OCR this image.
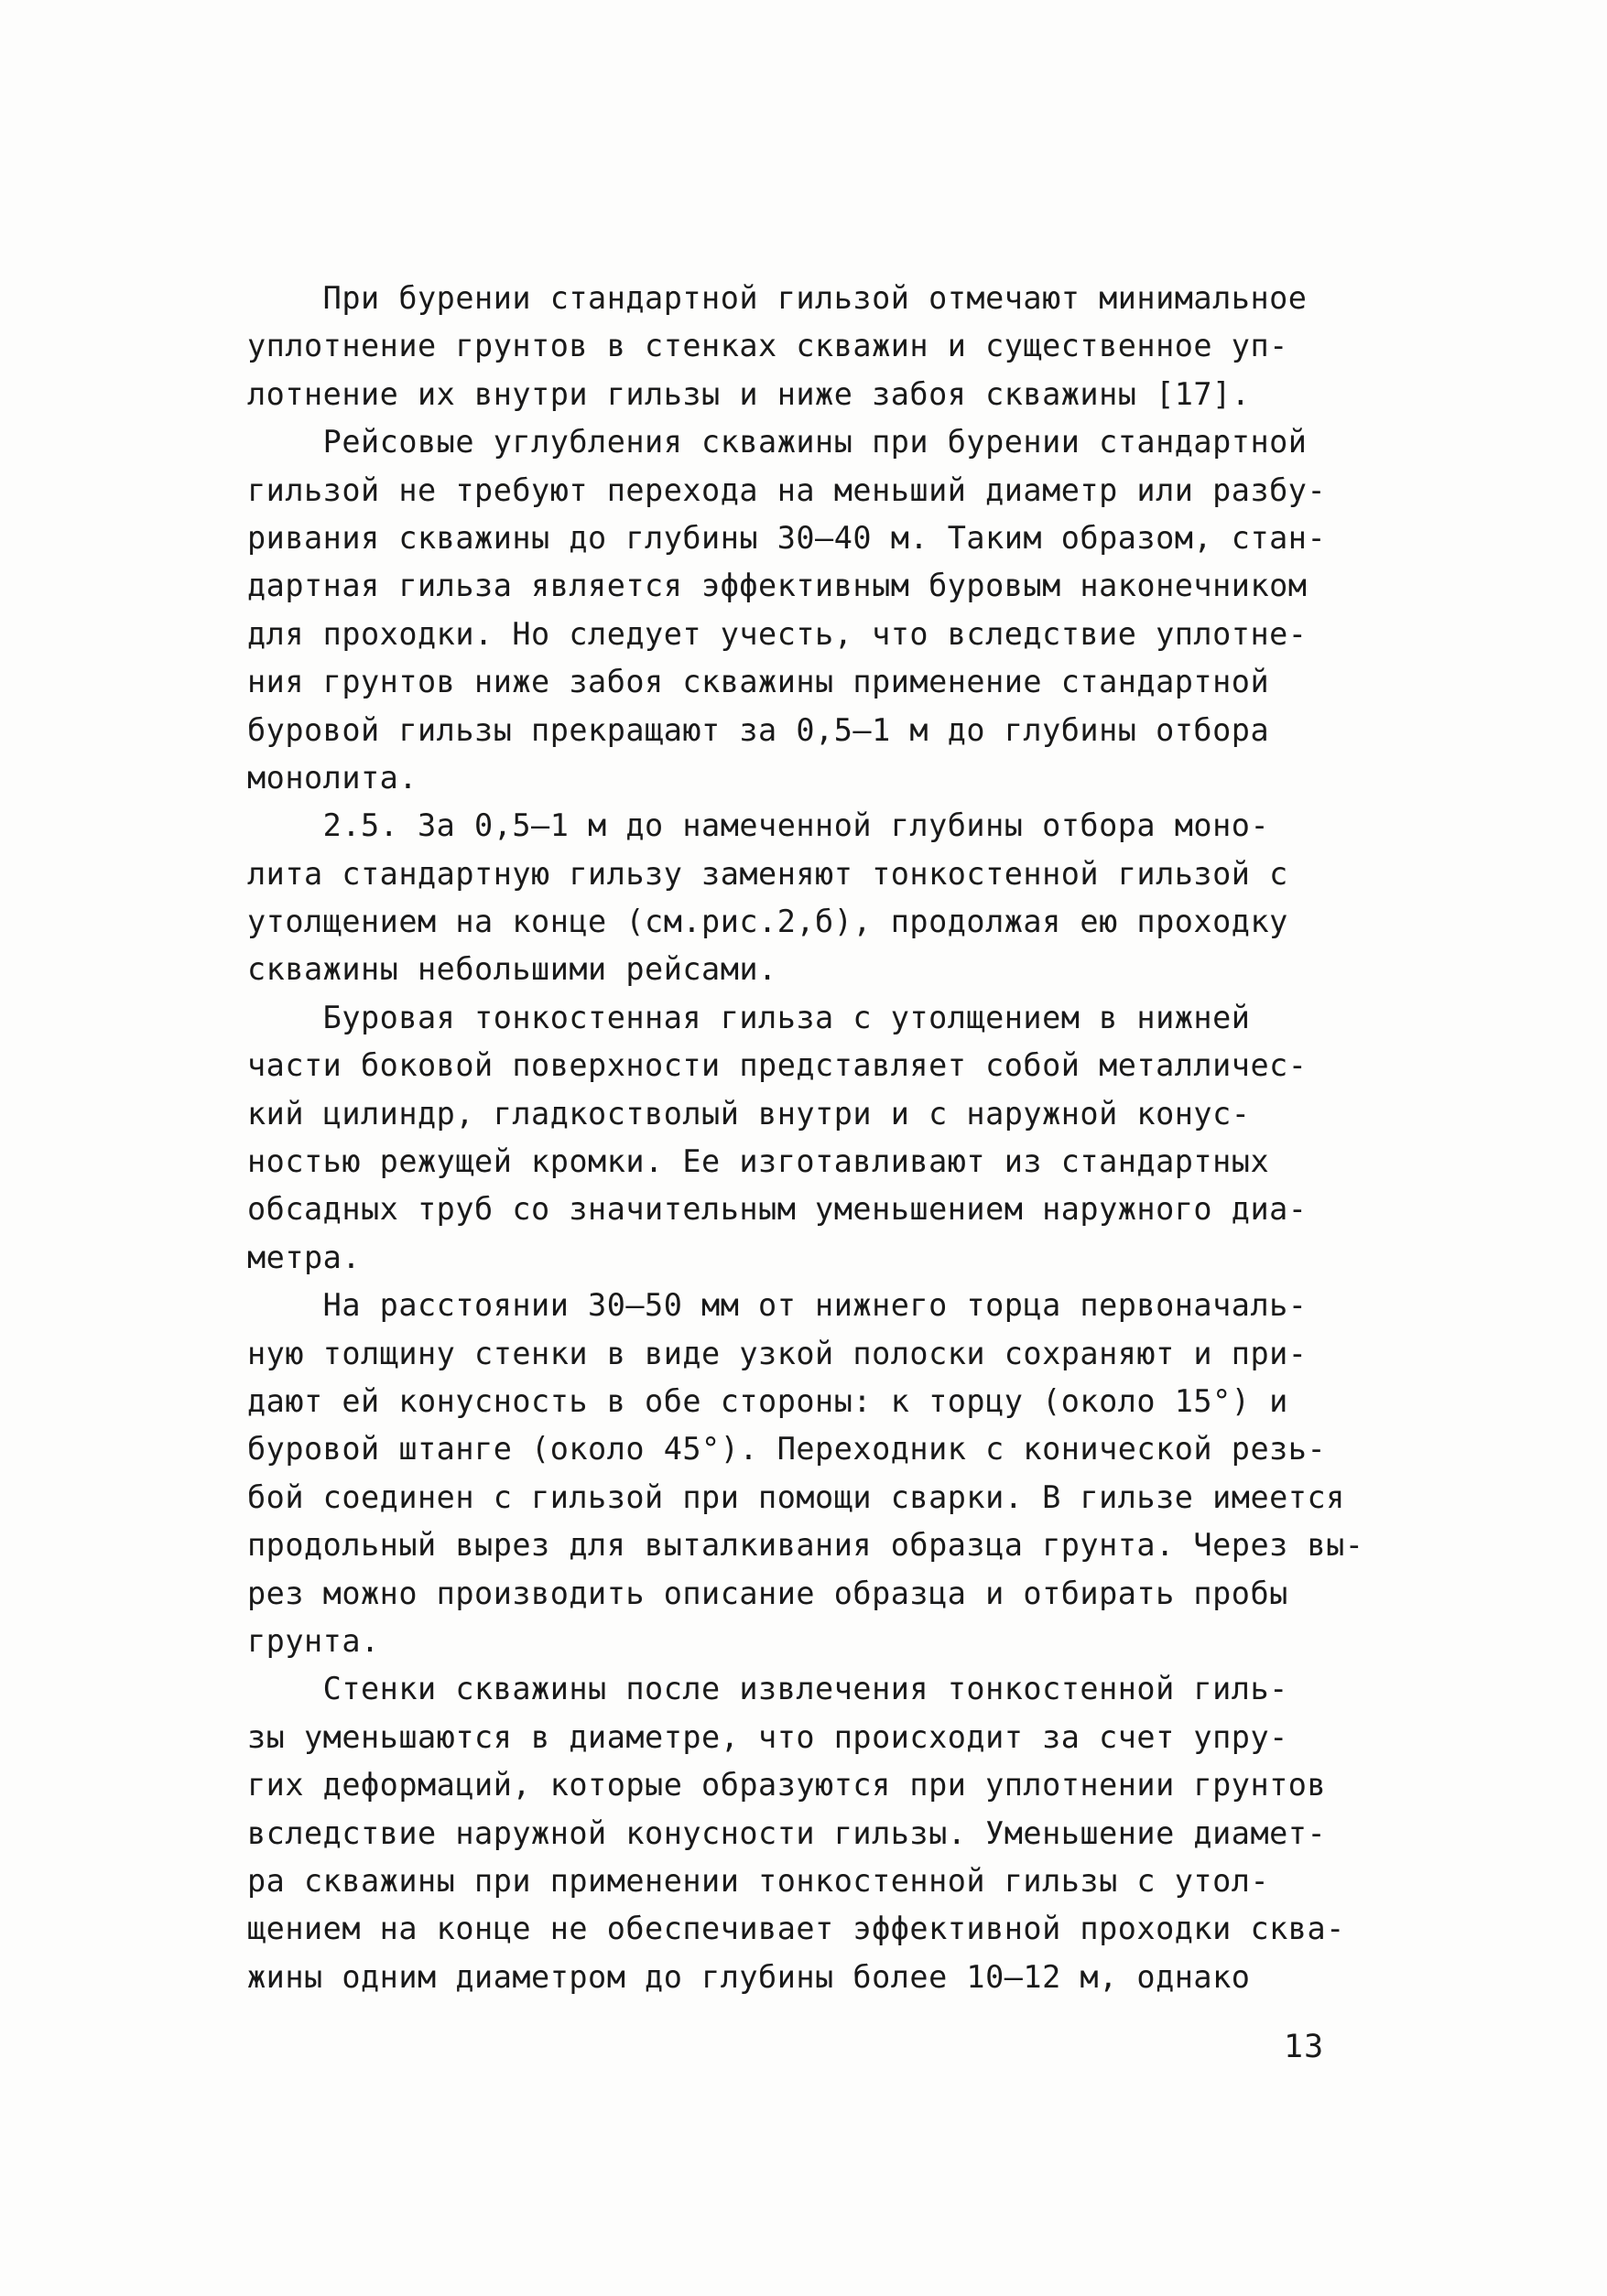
При бурении стандартной гильзой отмечают минимальное
уплотнение грунтов в стенках скважин и существенное уп-
лотнение их внутри гильзы и ниже забоя скважины [17].
Рейсовые углубления скважины при бурении стандартной
гильзой не требуют перехода на меньший диаметр или разбу-
ривания скважины до глубины 30–40 м. Таким образом, стан-
дартная гильза является эффективным буровым наконечником
для проходки. Но следует учесть, что вследствие уплотне-
ния грунтов ниже забоя скважины применение стандартной
буровой гильзы прекращают за 0,5–1 м до глубины отбора
монолита.
2.5. За 0,5–1 м до намеченной глубины отбора моно-
лита стандартную гильзу заменяют тонкостенной гильзой с
утолщением на конце (см.рис.2,б), продолжая ею проходку
скважины небольшими рейсами.
Буровая тонкостенная гильза с утолщением в нижней
части боковой поверхности представляет собой металличес-
кий цилиндр, гладкостволый внутри и с наружной конус-
ностью режущей кромки. Ее изготавливают из стандартных
обсадных труб со значительным уменьшением наружного диа-
метра.
На расстоянии 30–50 мм от нижнего торца первоначаль-
ную толщину стенки в виде узкой полоски сохраняют и при-
дают ей конусность в обе стороны: к торцу (около 15°) и
буровой штанге (около 45°). Переходник с конической резь-
бой соединен с гильзой при помощи сварки. В гильзе имеется
продольный вырез для выталкивания образца грунта. Через вы-
рез можно производить описание образца и отбирать пробы
грунта.
Стенки скважины после извлечения тонкостенной гиль-
зы уменьшаются в диаметре, что происходит за счет упру-
гих деформаций, которые образуются при уплотнении грунтов
вследствие наружной конусности гильзы. Уменьшение диамет-
ра скважины при применении тонкостенной гильзы с утол-
щением на конце не обеспечивает эффективной проходки сква-
жины одним диаметром до глубины более 10–12 м, однако
13
